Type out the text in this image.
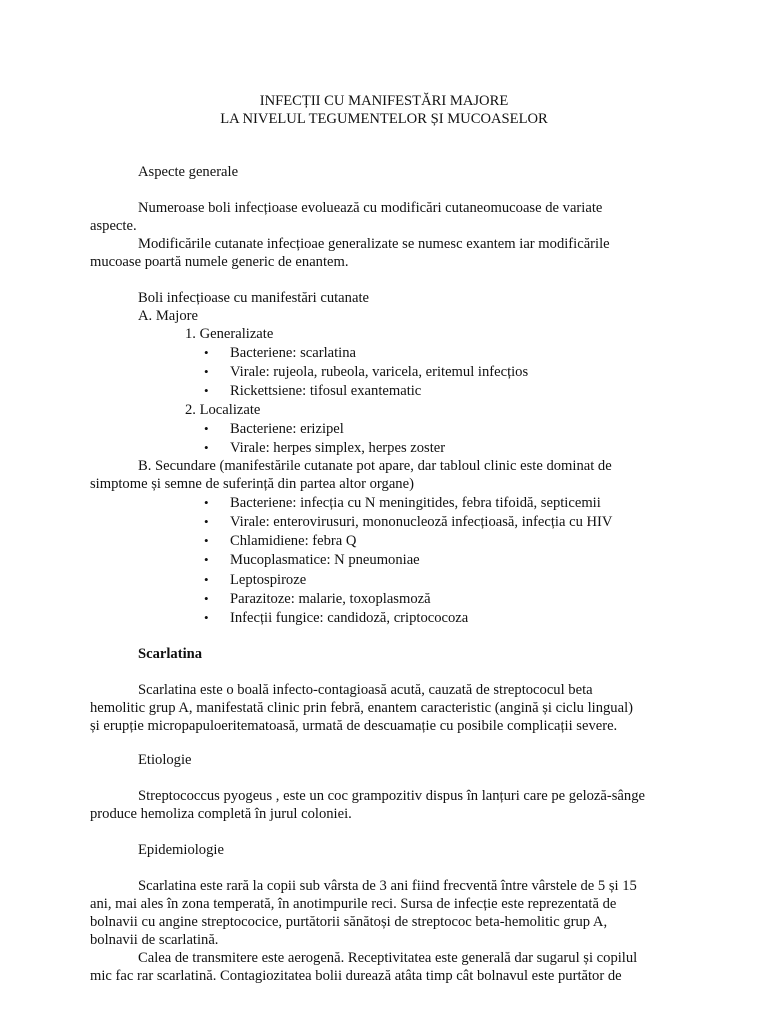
INFECȚII CU MANIFESTĂRI MAJORE
LA NIVELUL TEGUMENTELOR ȘI MUCOASELOR
Aspecte generale
Numeroase boli infecțioase evoluează cu modificări cutaneomucoase de variate
aspecte.
Modificările cutanate infecțioae generalizate se numesc exantem iar modificările
mucoase poartă numele generic de enantem.
Boli infecțioase cu manifestări cutanate
A. Majore
1. Generalizate
•	Bacteriene: scarlatina
•	Virale: rujeola, rubeola, varicela, eritemul infecțios
•	Rickettsiene: tifosul exantematic
2. Localizate
•	Bacteriene: erizipel
•	Virale: herpes simplex, herpes zoster
B. Secundare (manifestările cutanate pot apare, dar tabloul clinic este dominat de
simptome și semne de suferință din partea altor organe)
•	Bacteriene: infecția cu N meningitides, febra tifoidă, septicemii
•	Virale: enterovirusuri, mononucleoză infecțioasă, infecția cu HIV
•	Chlamidiene: febra Q
•	Mucoplasmatice: N pneumoniae
•	Leptospiroze
•	Parazitoze: malarie, toxoplasmoză
•	Infecții fungice: candidoză, criptococoza
Scarlatina
Scarlatina este o boală infecto-contagioasă acută, cauzată de streptococul beta
hemolitic grup A, manifestată clinic prin febră, enantem caracteristic (angină și ciclu lingual)
și erupție micropapuloeritematoasă, urmată de descuamație cu posibile complicații severe.
Etiologie
Streptococcus pyogeus , este un coc grampozitiv dispus în lanțuri care pe geloză-sânge
produce hemoliza completă în jurul coloniei.
Epidemiologie
Scarlatina este rară la copii sub vârsta de 3 ani fiind frecventă între vârstele de 5 și 15
ani, mai ales în zona temperată, în anotimpurile reci. Sursa de infecție este reprezentată de
bolnavii cu angine streptococice, purtătorii sănătoși de streptococ beta-hemolitic grup A,
bolnavii de scarlatină.
Calea de transmitere este aerogenă. Receptivitatea este generală dar sugarul și copilul
mic fac rar scarlatină. Contagiozitatea bolii durează atâta timp cât bolnavul este purtător de
